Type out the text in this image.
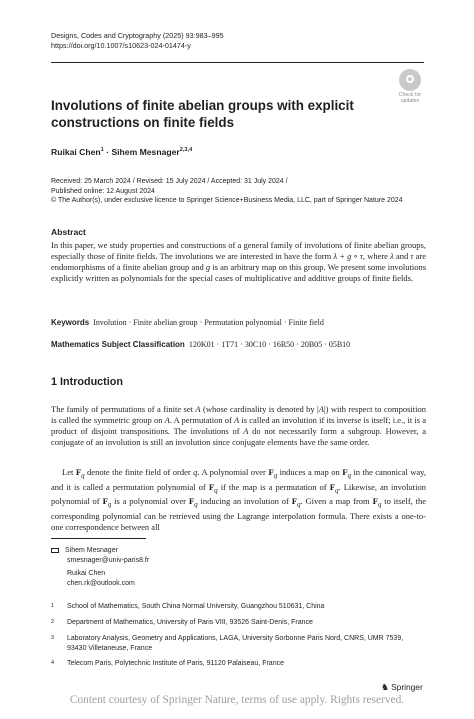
Designs, Codes and Cryptography (2025) 93:983–995
https://doi.org/10.1007/s10623-024-01474-y
Check for
updates
Involutions of finite abelian groups with explicit constructions on finite fields
Ruikai Chen$^1$ · Sihem Mesnager$^{2,3,4}$
Received: 25 March 2024 / Revised: 15 July 2024 / Accepted: 31 July 2024 /
Published online: 12 August 2024
© The Author(s), under exclusive licence to Springer Science+Business Media, LLC, part of Springer Nature 2024
Abstract
In this paper, we study properties and constructions of a general family of involutions of finite abelian groups, especially those of finite fields. The involutions we are interested in have the form λ + g ∘ τ, where λ and τ are endomorphisms of a finite abelian group and g is an arbitrary map on this group. We present some involutions explicitly written as polynomials for the special cases of multiplicative and additive groups of finite fields.
Keywords Involution · Finite abelian group · Permutation polynomial · Finite field
Mathematics Subject Classification 120K01 · 1T71 · 30C10 · 16R50 · 20B05 · 05B10
1 Introduction
The family of permutations of a finite set A (whose cardinality is denoted by |A|) with respect to composition is called the symmetric group on A. A permutation of A is called an involution if its inverse is itself; i.e., it is a product of disjoint transpositions. The involutions of A do not necessarily form a subgroup. However, a conjugate of an involution is still an involution since conjugate elements have the same order.
Let $F_q$ denote the finite field of order q. A polynomial over $F_q$ induces a map on $F_q$ in the canonical way, and it is called a permutation polynomial of $F_q$ if the map is a permutation of $F_q$. Likewise, an involution polynomial of $F_q$ is a polynomial over $F_q$ inducing an involution of $F_q$. Given a map from $F_q$ to itself, the corresponding polynomial can be retrieved using the Lagrange interpolation formula. There exists a one-to-one correspondence between all
Sihem Mesnager
smesnager@univ-paris8.fr
Ruikai Chen
chen.rk@outlook.com
1 School of Mathematics, South China Normal University, Guangzhou 510631, China
2 Department of Mathematics, University of Paris VIII, 93526 Saint-Denis, France
3 Laboratory Analysis, Geometry and Applications, LAGA, University Sorbonne Paris Nord, CNRS, UMR 7539, 93430 Villetaneuse, France
4 Telecom Paris, Polytechnic Institute of Paris, 91120 Palaiseau, France
♞ Springer
Content courtesy of Springer Nature, terms of use apply. Rights reserved.
